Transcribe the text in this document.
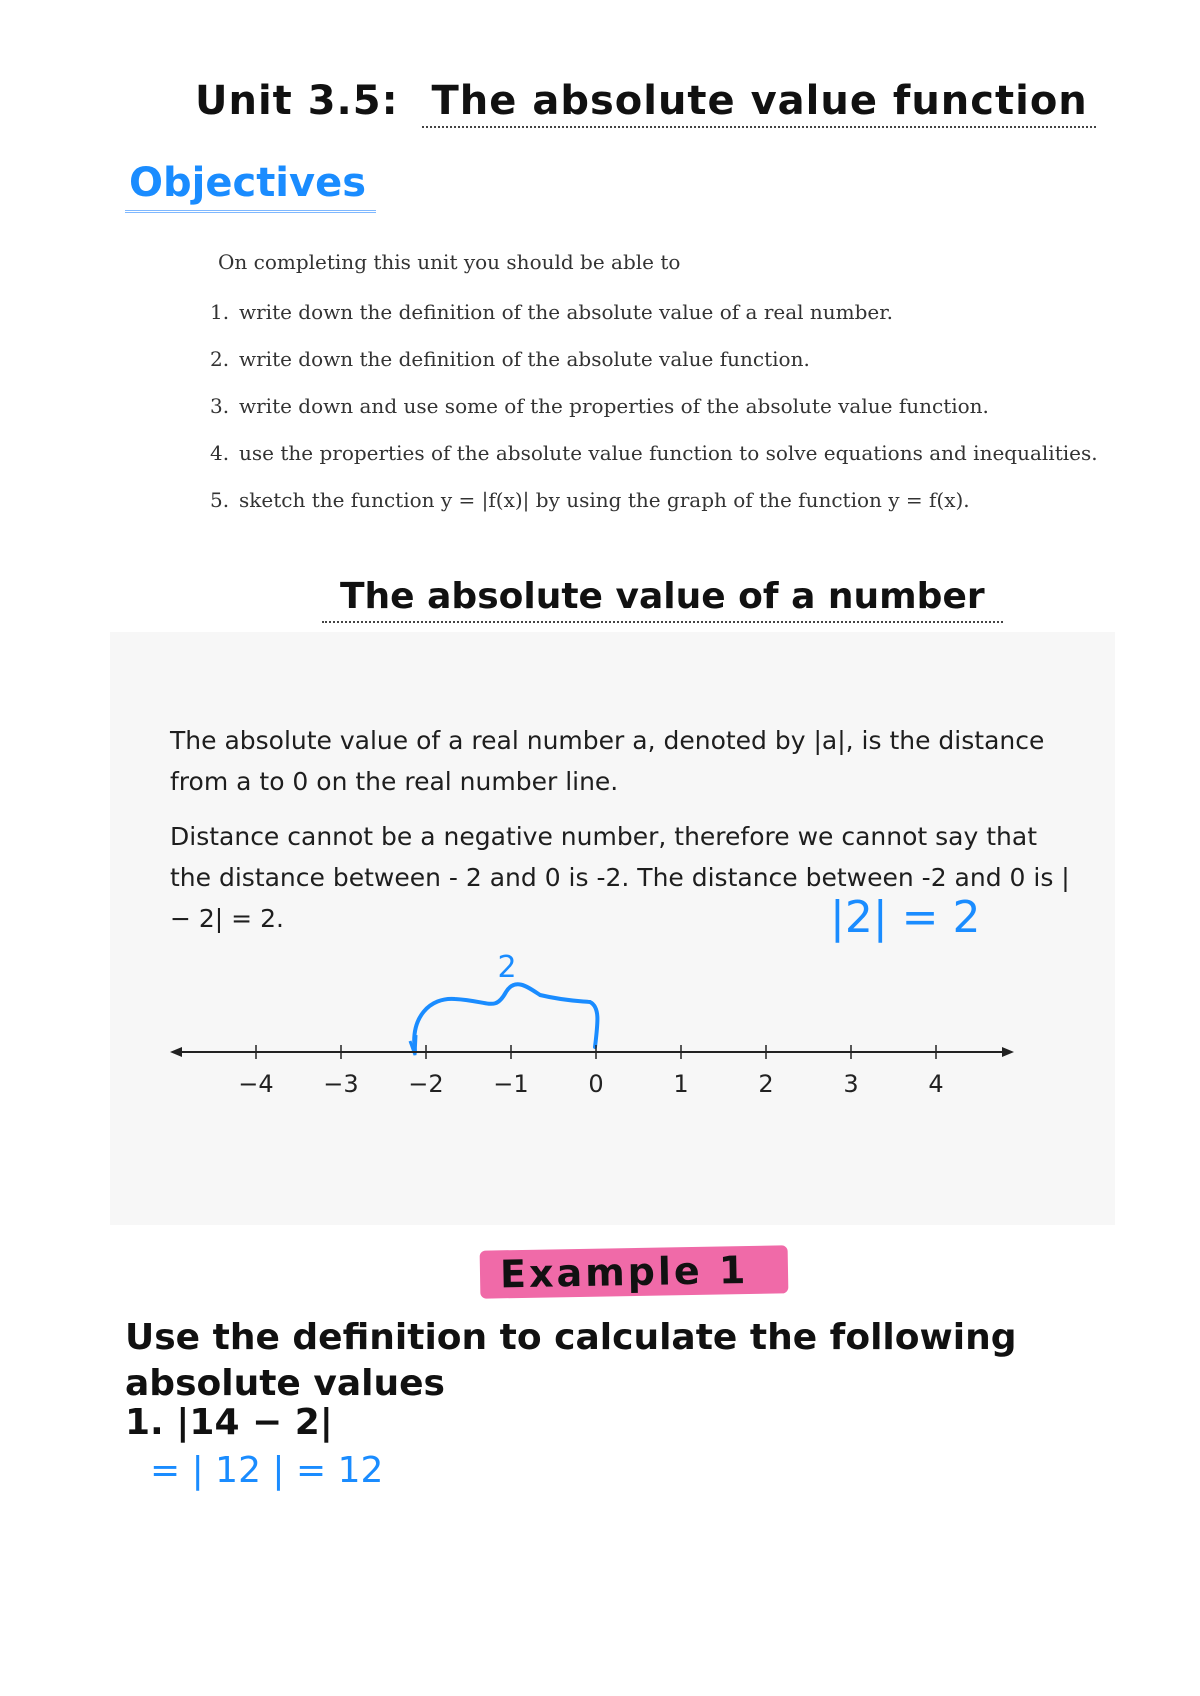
Unit 3.5: The absolute value function
Objectives
On completing this unit you should be able to
1. write down the definition of the absolute value of a real number.
2. write down the definition of the absolute value function.
3. write down and use some of the properties of the absolute value function.
4. use the properties of the absolute value function to solve equations and inequalities.
5. sketch the function y = |f(x)| by using the graph of the function y = f(x).
The absolute value of a number
The absolute value of a real number a, denoted by |a|, is the distance from a to 0 on the real number line.
Distance cannot be a negative number, therefore we cannot say that the distance between - 2 and 0 is -2. The distance between -2 and 0 is |− 2| = 2.	|2| = 2
2
−4 −3 −2 −1 0	1	2	3	4
Example 1
Use the definition to calculate the following absolute values
1. |14 − 2|
= | 12 | = 12
